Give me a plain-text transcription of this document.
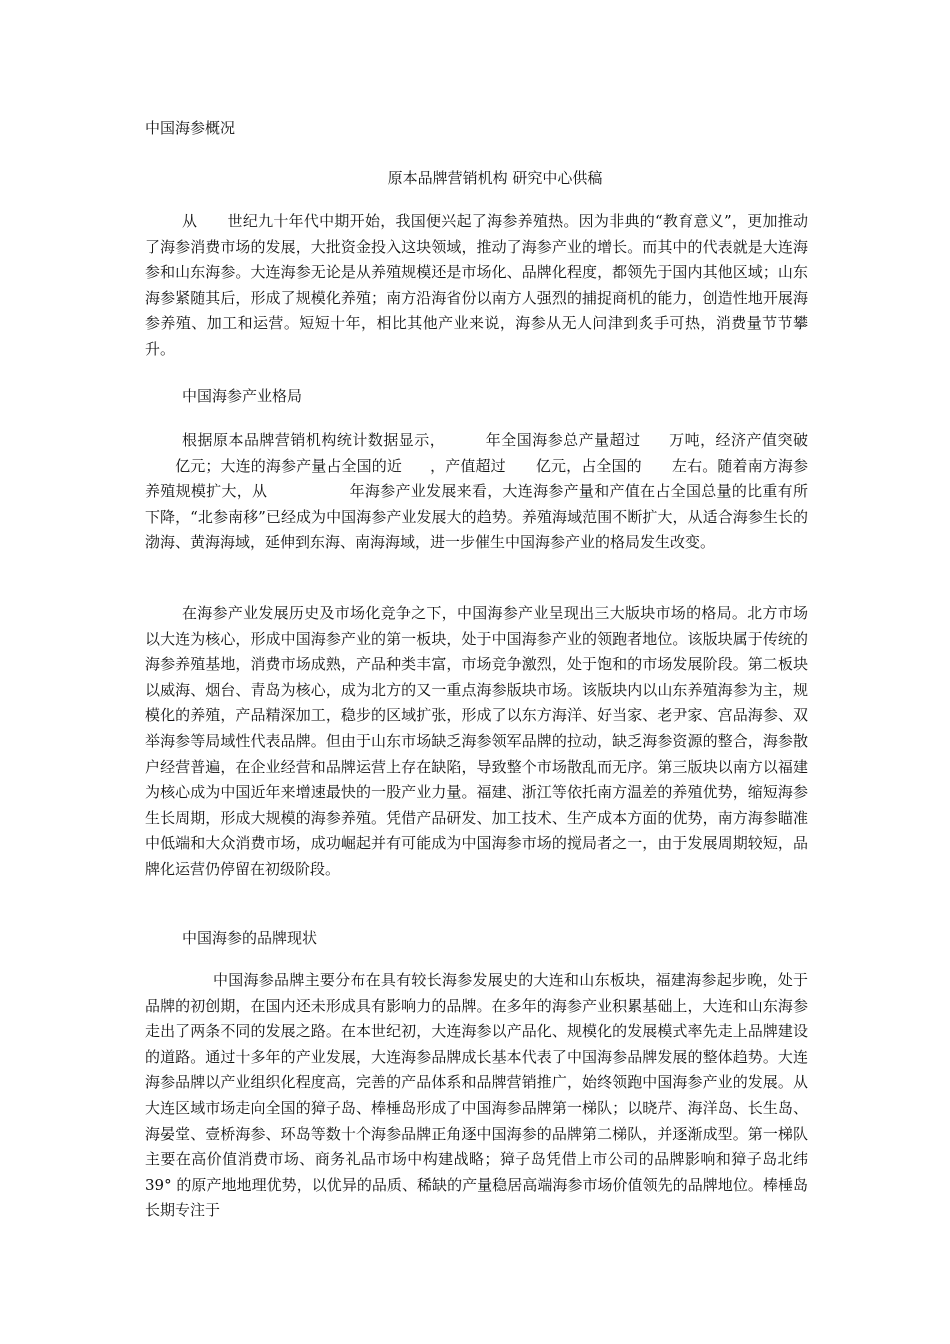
中国海参概况
原本品牌营销机构 研究中心供稿

从 世纪九十年代中期开始，我国便兴起了海参养殖热。因为非典的“教育意义”，更加推动了海参消费市场的发展，大批资金投入这块领域，推动了海参产业的增长。而其中的代表就是大连海参和山东海参。大连海参无论是从养殖规模还是市场化、品牌化程度，都领先于国内其他区域；山东海参紧随其后，形成了规模化养殖；南方沿海省份以南方人强烈的捕捉商机的能力，创造性地开展海参养殖、加工和运营。短短十年，相比其他产业来说，海参从无人问津到炙手可热，消费量节节攀升。

中国海参产业格局

根据原本品牌营销机构统计数据显示，	年全国海参总产量超过 万吨，经济产值突破亿元；大连的海参产量占全国的近 ，产值超过 亿元，占全国的 左右。随着南方海参养殖规模扩大，从	年海参产业发展来看，大连海参产量和产值在占全国总量的比重有所下降，“北参南移”已经成为中国海参产业发展大的趋势。养殖海域范围不断扩大，从适合海参生长的渤海、黄海海域，延伸到东海、南海海域，进一步催生中国海参产业的格局发生改变。

在海参产业发展历史及市场化竞争之下，中国海参产业呈现出三大版块市场的格局。北方市场以大连为核心，形成中国海参产业的第一板块，处于中国海参产业的领跑者地位。该版块属于传统的海参养殖基地，消费市场成熟，产品种类丰富，市场竞争激烈，处于饱和的市场发展阶段。第二板块以威海、烟台、青岛为核心，成为北方的又一重点海参版块市场。该版块内以山东养殖海参为主，规模化的养殖，产品精深加工，稳步的区域扩张，形成了以东方海洋、好当家、老尹家、宫品海参、双举海参等局域性代表品牌。但由于山东市场缺乏海参领军品牌的拉动，缺乏海参资源的整合，海参散户经营普遍，在企业经营和品牌运营上存在缺陷，导致整个市场散乱而无序。第三版块以南方以福建为核心成为中国近年来增速最快的一股产业力量。福建、浙江等依托南方温差的养殖优势，缩短海参生长周期，形成大规模的海参养殖。凭借产品研发、加工技术、生产成本方面的优势，南方海参瞄准中低端和大众消费市场，成功崛起并有可能成为中国海参市场的搅局者之一，由于发展周期较短，品牌化运营仍停留在初级阶段。

中国海参的品牌现状

中国海参品牌主要分布在具有较长海参发展史的大连和山东板块，福建海参起步晚，处于品牌的初创期，在国内还未形成具有影响力的品牌。在多年的海参产业积累基础上，大连和山东海参走出了两条不同的发展之路。在本世纪初，大连海参以产品化、规模化的发展模式率先走上品牌建设的道路。通过十多年的产业发展，大连海参品牌成长基本代表了中国海参品牌发展的整体趋势。大连海参品牌以产业组织化程度高，完善的产品体系和品牌营销推广，始终领跑中国海参产业的发展。从大连区域市场走向全国的獐子岛、棒棰岛形成了中国海参品牌第一梯队；以晓芹、海洋岛、长生岛、海晏堂、壹桥海参、环岛等数十个海参品牌正角逐中国海参的品牌第二梯队，并逐渐成型。第一梯队主要在高价值消费市场、商务礼品市场中构建战略；獐子岛凭借上市公司的品牌影响和獐子岛北纬 39° 的原产地地理优势，以优异的品质、稀缺的产量稳居高端海参市场价值领先的品牌地位。棒棰岛长期专注于
